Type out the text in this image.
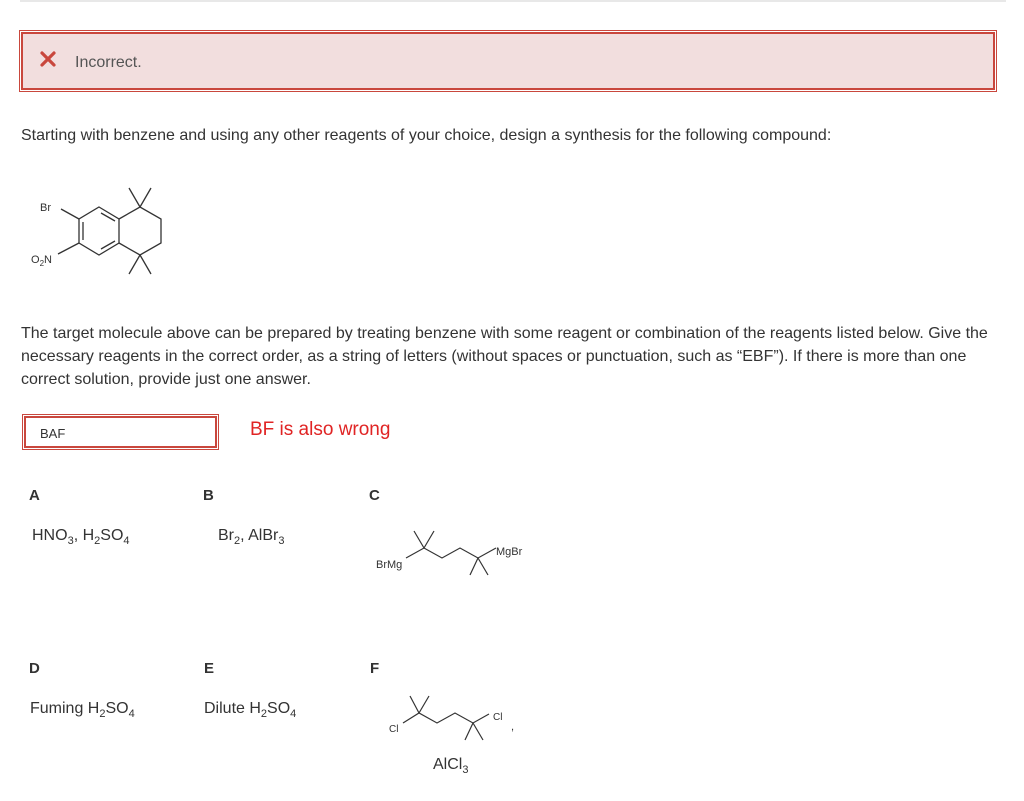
Incorrect.
Starting with benzene and using any other reagents of your choice, design a synthesis for the following compound:
Br
$O_2N$
The target molecule above can be prepared by treating benzene with some reagent or combination of the reagents listed below. Give the necessary reagents in the correct order, as a string of letters (without spaces or punctuation, such as “EBF”). If there is more than one correct solution, provide just one answer.
BAF	BF is also wrong
A
$HNO_3$, $H_2SO_4$
B
$Br_2$, AlBr$_3$
C
BrMg
MgBr
D
Fuming $H_2SO_4$
E
Dilute $H_2SO_4$
F
Cl
Cl
,
AlCl$_3$
